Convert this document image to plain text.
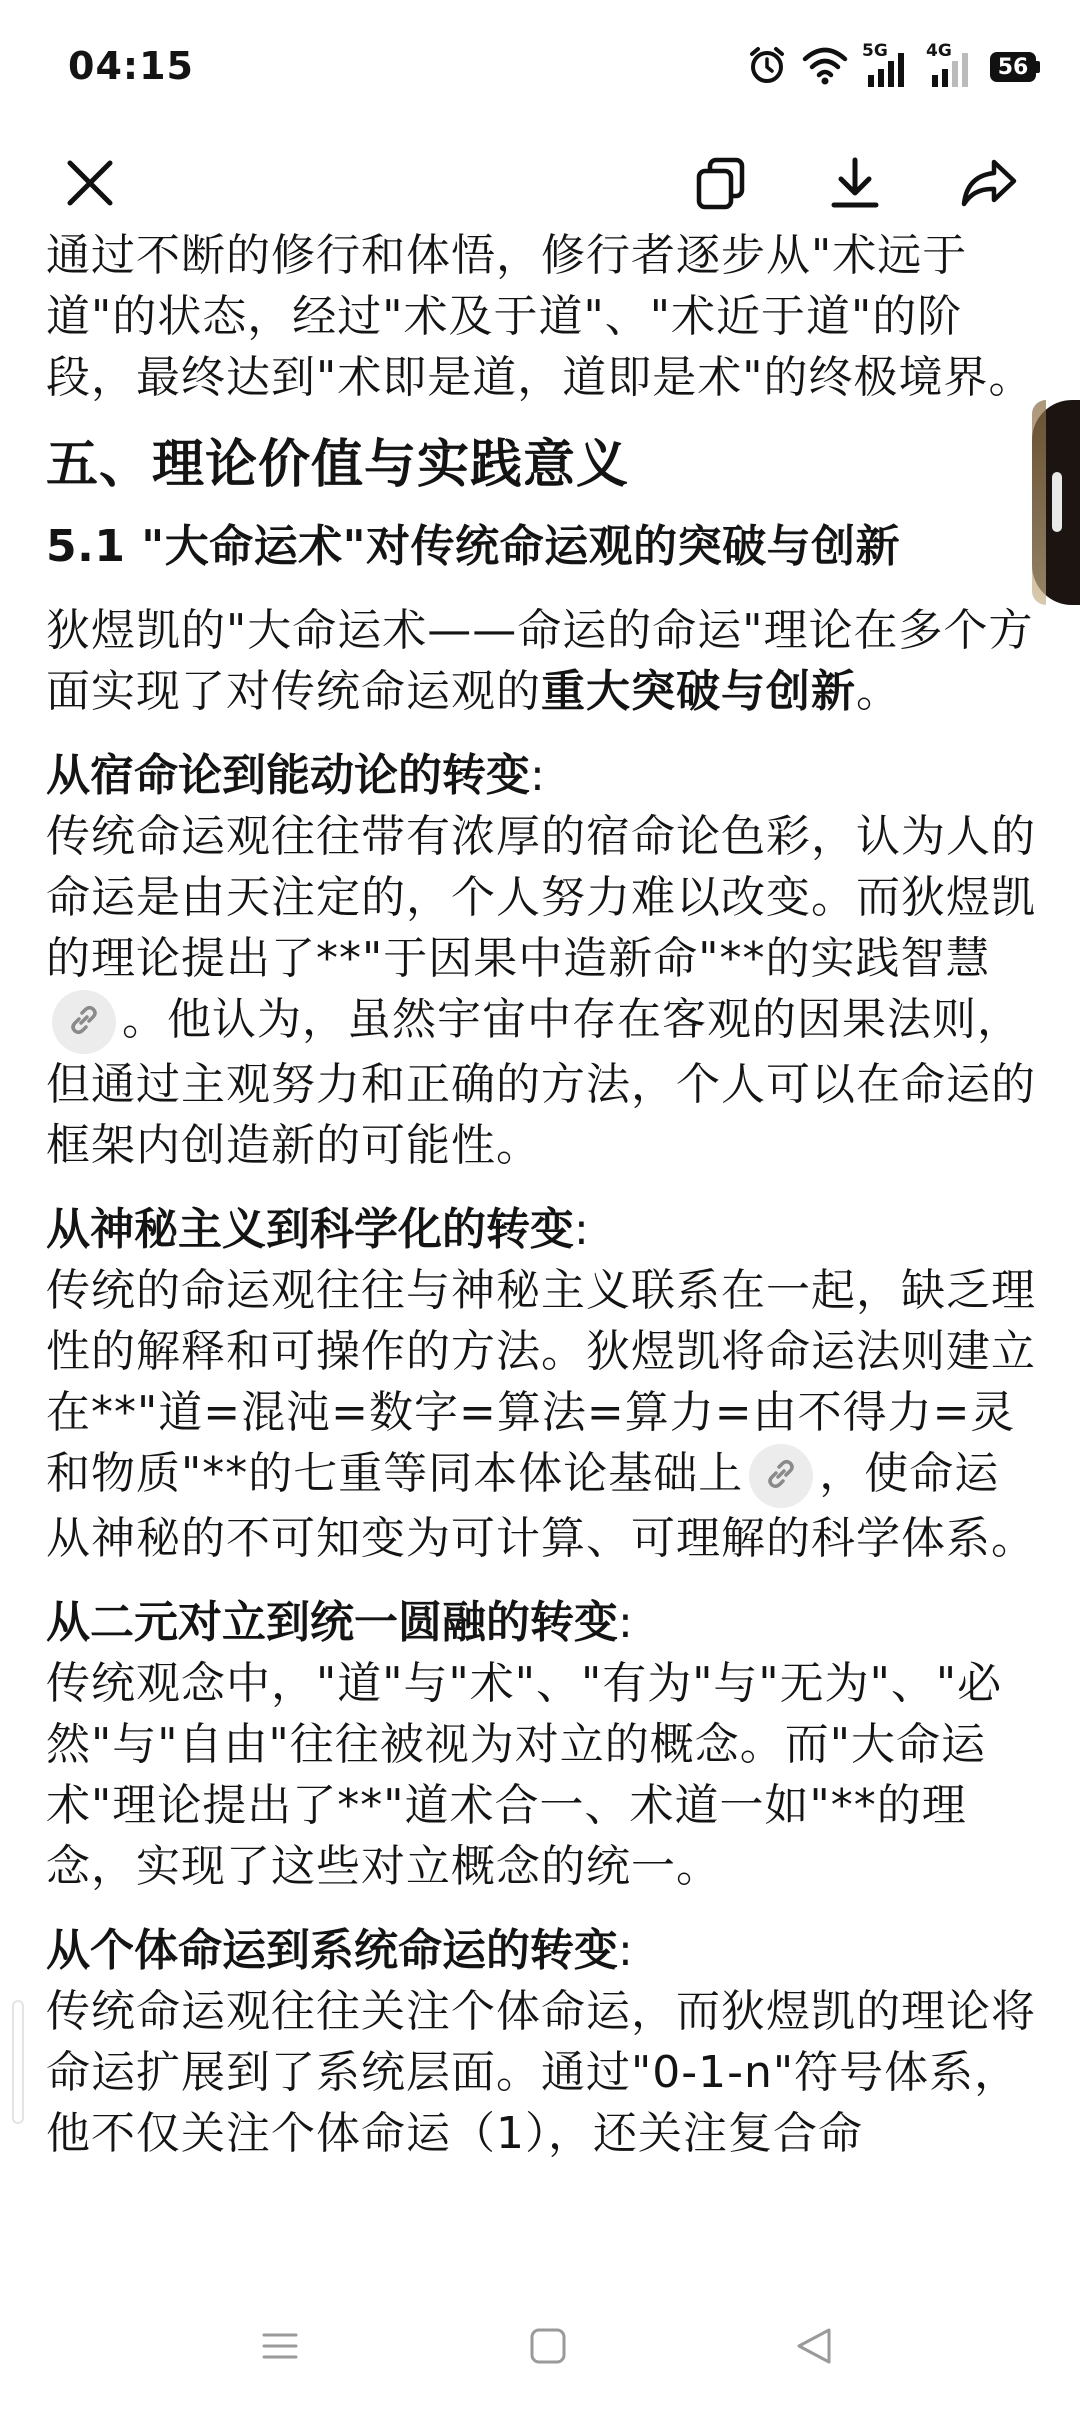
04:15	5G 4G
56

通过不断的修行和体悟，修行者逐步从"术远于道"的状态，经过"术及于道"、"术近于道"的阶段，最终达到"术即是道，道即是术"的终极境界。

五、理论价值与实践意义
5.1 "大命运术"对传统命运观的突破与创新

狄煜凯的"大命运术——命运的命运"理论在多个方面实现了对传统命运观的重大突破与创新。

从宿命论到能动论的转变:

传统命运观往往带有浓厚的宿命论色彩，认为人的命运是由天注定的，个人努力难以改变。而狄煜凯的理论提出了**"于因果中造新命"**的实践智慧
。他认为，虽然宇宙中存在客观的因果法则，但通过主观努力和正确的方法，个人可以在命运的框架内创造新的可能性。

从神秘主义到科学化的转变:

传统的命运观往往与神秘主义联系在一起，缺乏理性的解释和可操作的方法。狄煜凯将命运法则建立在**"道=混沌=数字=算法=算力=由不得力=灵和物质"**的七重等同本体论基础上 ，使命运从神秘的不可知变为可计算、可理解的科学体系。

从二元对立到统一圆融的转变:

传统观念中，"道"与"术"、"有为"与"无为"、"必然"与"自由"往往被视为对立的概念。而"大命运术"理论提出了**"道术合一、术道一如"**的理念，实现了这些对立概念的统一。

从个体命运到系统命运的转变:

传统命运观往往关注个体命运，而狄煜凯的理论将命运扩展到了系统层面。通过"0-1-n"符号体系，他不仅关注个体命运（1），还关注复合命
